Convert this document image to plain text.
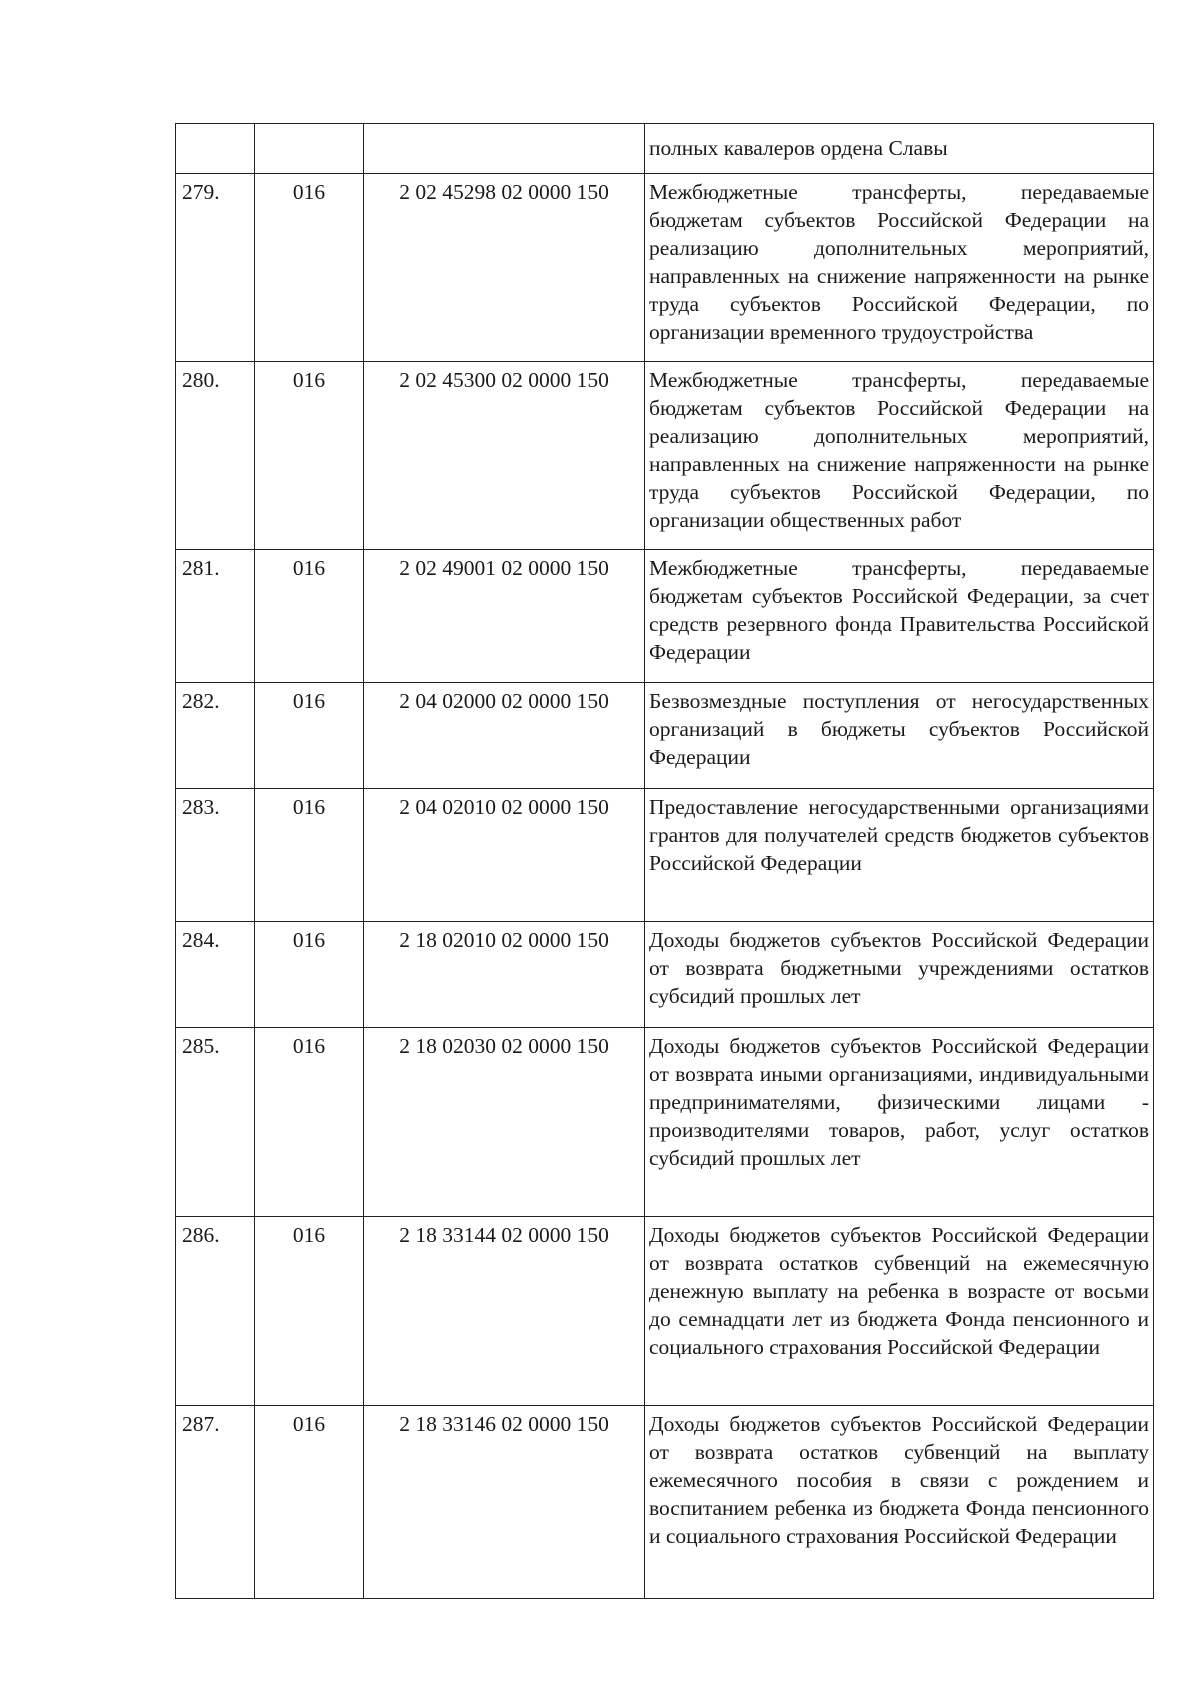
			полных кавалеров ордена Славы
279.	016	2 02 45298 02 0000 150	Межбюджетные трансферты, передаваемые бюджетам субъектов Российской Федерации на реализацию дополнительных мероприятий, направленных на снижение напряженности на рынке труда субъектов Российской Федерации, по организации временного трудоустройства
280.	016	2 02 45300 02 0000 150	Межбюджетные трансферты, передаваемые бюджетам субъектов Российской Федерации на реализацию дополнительных мероприятий, направленных на снижение напряженности на рынке труда субъектов Российской Федерации, по организации общественных работ
281.	016	2 02 49001 02 0000 150	Межбюджетные трансферты, передаваемые бюджетам субъектов Российской Федерации, за счет средств резервного фонда Правительства Российской Федерации
282.	016	2 04 02000 02 0000 150	Безвозмездные поступления от негосударственных организаций в бюджеты субъектов Российской Федерации
283.	016	2 04 02010 02 0000 150	Предоставление негосударственными организациями грантов для получателей средств бюджетов субъектов Российской Федерации
284.	016	2 18 02010 02 0000 150	Доходы бюджетов субъектов Российской Федерации от возврата бюджетными учреждениями остатков субсидий прошлых лет
285.	016	2 18 02030 02 0000 150	Доходы бюджетов субъектов Российской Федерации от возврата иными организациями, индивидуальными предпринимателями, физическими лицами - производителями товаров, работ, услуг остатков субсидий прошлых лет
286.	016	2 18 33144 02 0000 150	Доходы бюджетов субъектов Российской Федерации от возврата остатков субвенций на ежемесячную денежную выплату на ребенка в возрасте от восьми до семнадцати лет из бюджета Фонда пенсионного и социального страхования Российской Федерации
287.	016	2 18 33146 02 0000 150	Доходы бюджетов субъектов Российской Федерации от возврата остатков субвенций на выплату ежемесячного пособия в связи с рождением и воспитанием ребенка из бюджета Фонда пенсионного и социального страхования Российской Федерации
